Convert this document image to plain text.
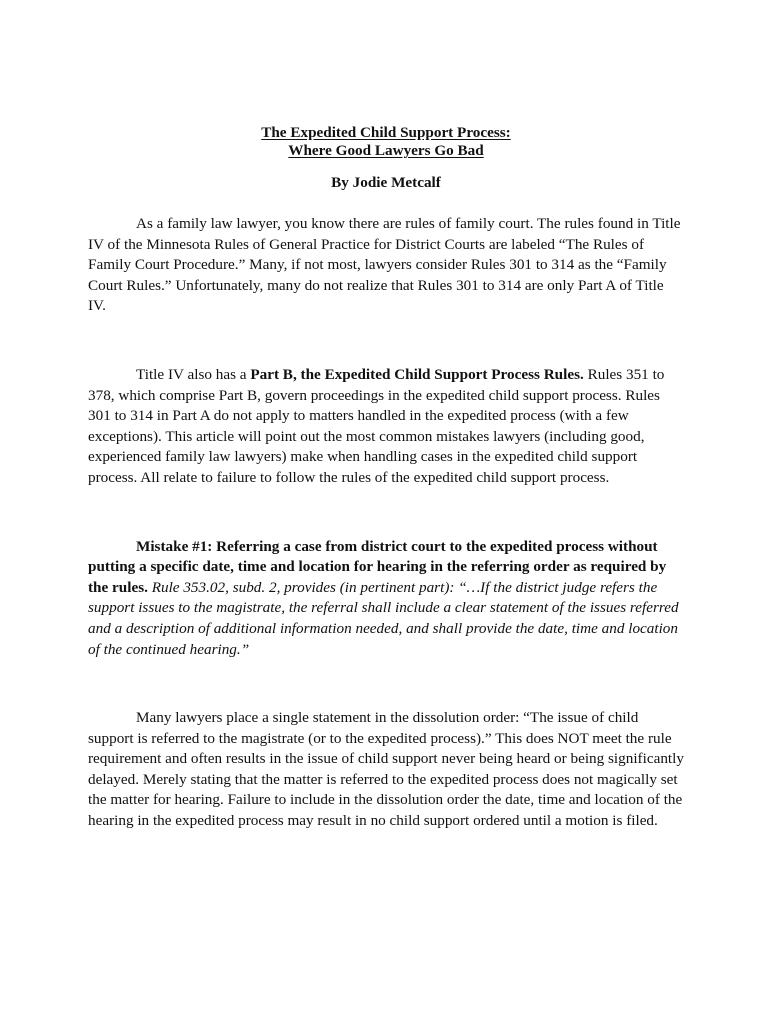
The Expedited Child Support Process:
Where Good Lawyers Go Bad
By Jodie Metcalf

As a family law lawyer, you know there are rules of family court. The rules found in Title IV of the Minnesota Rules of General Practice for District Courts are labeled “The Rules of Family Court Procedure.” Many, if not most, lawyers consider Rules 301 to 314 as the “Family Court Rules.” Unfortunately, many do not realize that Rules 301 to 314 are only Part A of Title IV.

Title IV also has a Part B, the Expedited Child Support Process Rules. Rules 351 to 378, which comprise Part B, govern proceedings in the expedited child support process. Rules 301 to 314 in Part A do not apply to matters handled in the expedited process (with a few exceptions). This article will point out the most common mistakes lawyers (including good, experienced family law lawyers) make when handling cases in the expedited child support process. All relate to failure to follow the rules of the expedited child support process.

Mistake #1: Referring a case from district court to the expedited process without putting a specific date, time and location for hearing in the referring order as required by the rules. Rule 353.02, subd. 2, provides (in pertinent part): “…If the district judge refers the support issues to the magistrate, the referral shall include a clear statement of the issues referred and a description of additional information needed, and shall provide the date, time and location of the continued hearing.”

Many lawyers place a single statement in the dissolution order: “The issue of child support is referred to the magistrate (or to the expedited process).” This does NOT meet the rule requirement and often results in the issue of child support never being heard or being significantly delayed. Merely stating that the matter is referred to the expedited process does not magically set the matter for hearing. Failure to include in the dissolution order the date, time and location of the hearing in the expedited process may result in no child support ordered until a motion is filed.
